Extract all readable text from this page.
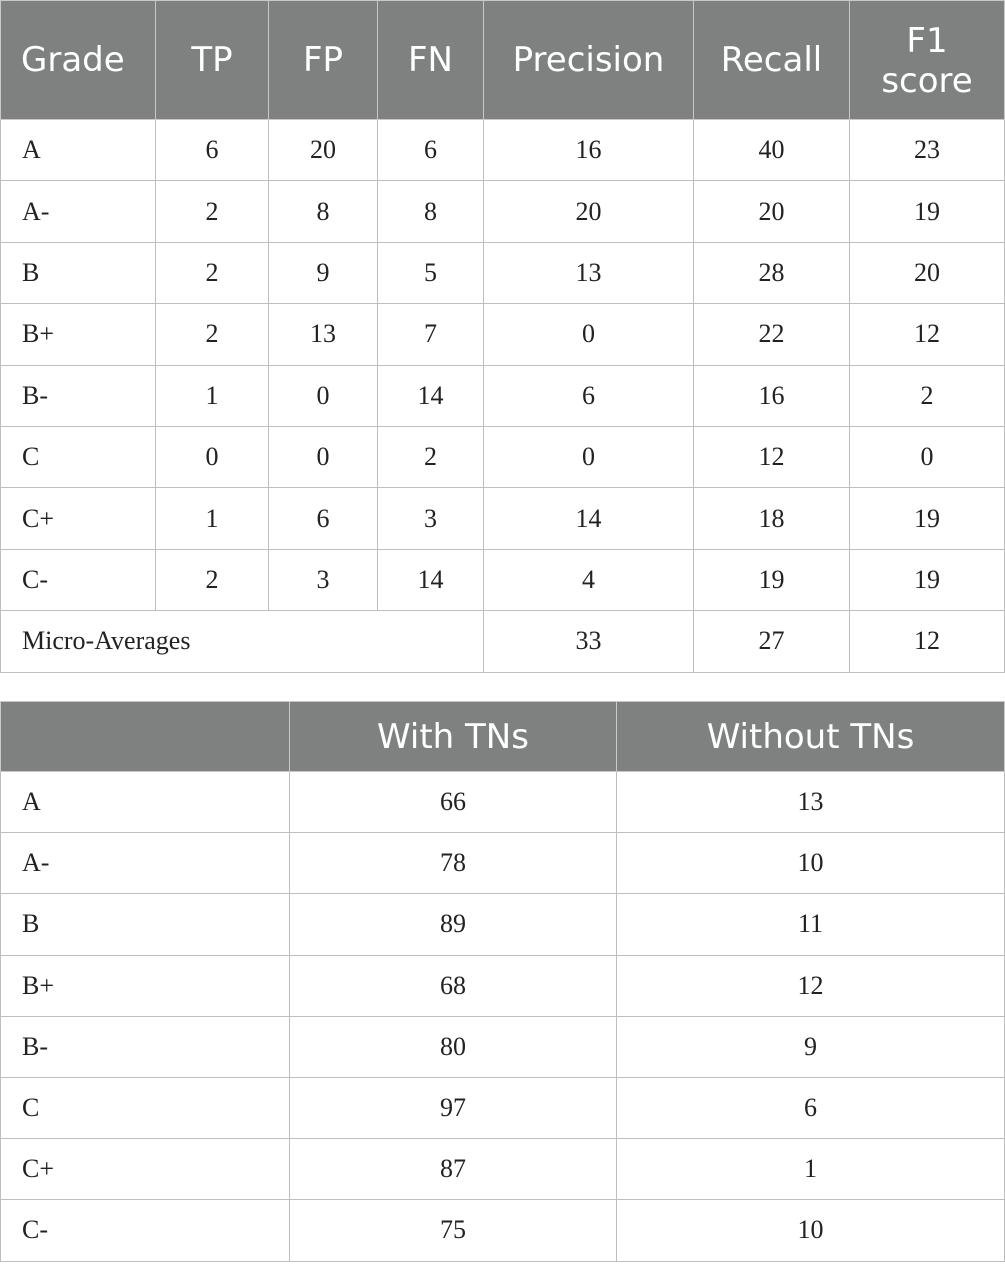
Grade	TP	FP	FN	Precision	Recall	F1 score
A	6	20	6	16	40	23
A-	2	8	8	20	20	19
B	2	9	5	13	28	20
B+	2	13	7	0	22	12
B-	1	0	14	6	16	2
C	0	0	2	0	12	0
C+	1	6	3	14	18	19
C-	2	3	14	4	19	19
Micro-Averages				33	27	12
	With TNs	Without TNs
A	66	13
A-	78	10
B	89	11
B+	68	12
B-	80	9
C	97	6
C+	87	1
C-	75	10
